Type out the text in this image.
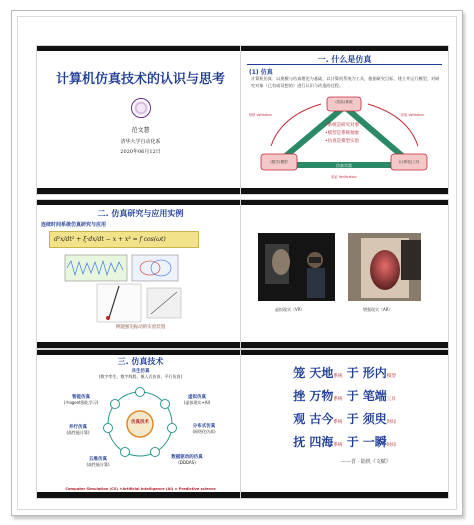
计算机仿真技术的认识与思考
范文慧
清华大学自动化系
2020年06月12日
一. 什么是仿真
(1) 仿真
计算机仿真：以建模与仿真理论为基础，以计算机系统为工具，根据研究目标，建立并运行模型，对研究对象（已有或设想的）进行认识与改造的过程。
(实际)系统
(数学)模型	(计算机)工具
系统建模	仿真建模
仿真实验
校核 Validation	检验 Validation
验证 Verification
•系统是研究对象
•模型是系统抽象
•仿真是模型实验
二. 仿真研究与应用实例
连续时间系统仿真研究与应用
d²x/dt² + ξ·dx/dt − x + x³ = f cos(ωt)
例题强迫振动的实验装置
虚拟现实（VR）	增强现实（AR）
三. 仿真技术
仿真技术
共生仿真
(数字孪生、数字线程、嵌入式仿真、平行仿真)
虚拟仿真
(虚拟现实+AI)
分布式仿真
(网络化仿真)
数据驱动的仿真
(DDDAS)
五维仿真
(高性能计算)
并行仿真
(高性能计算)
智能仿真
(多agent强化学习)
Computer Simulation (CS) +Artificial Intelligence (AI) = Predictive science
笼 天地系统 于 形内模型
挫 万物系统 于 笔端工具
观 古今系统 于 须臾时间
抚 四海系统 于 一瞬时间
——晋 · 陆机《文赋》
